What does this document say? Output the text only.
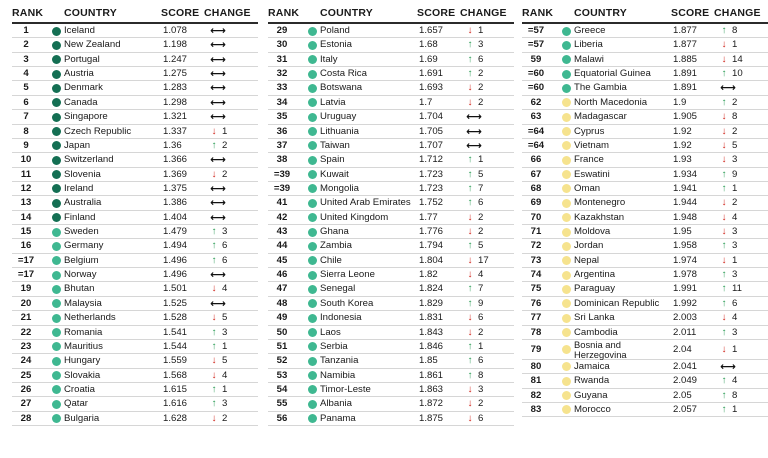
RANK COUNTRY	SCORE CHANGE
1	Iceland	1.078 ⟷
2	New Zealand	1.198 ⟷
3	Portugal	1.247 ⟷
4	Austria	1.275 ⟷
5	Denmark	1.283 ⟷
6	Canada	1.298 ⟷
7	Singapore	1.321 ⟷
8	Czech Republic	1.337	↓ 1
9	Japan	1.36	↑ 2
10	Switzerland	1.366 ⟷
11	Slovenia	1.369	↓ 2
12	Ireland	1.375 ⟷
13	Australia	1.386 ⟷
14	Finland	1.404 ⟷
15	Sweden	1.479	↑ 3
16	Germany	1.494	↑ 6
=17	Belgium	1.496	↑ 6
=17	Norway	1.496 ⟷
19	Bhutan	1.501	↓ 4
20	Malaysia	1.525 ⟷
21	Netherlands	1.528	↓ 5
22	Romania	1.541	↑ 3
23	Mauritius	1.544	↑ 1
24	Hungary	1.559	↓ 5
25	Slovakia	1.568	↓ 4
26	Croatia	1.615	↑ 1
27	Qatar	1.616	↑ 3
28	Bulgaria	1.628	↓ 2
RANK COUNTRY	SCORE CHANGE
29	Poland	1.657	↓ 1
30	Estonia	1.68	↑ 3
31	Italy	1.69	↑ 6
32	Costa Rica	1.691	↑ 2
33	Botswana	1.693	↓ 2
34	Latvia	1.7	↓ 2
35	Uruguay	1.704 ⟷
36	Lithuania	1.705 ⟷
37	Taiwan	1.707 ⟷
38	Spain	1.712	↑ 1
=39	Kuwait	1.723	↑ 5
=39	Mongolia	1.723	↑ 7
41	United Arab Emirates 1.752	↑ 6
42	United Kingdom	1.77	↓ 2
43	Ghana	1.776	↓ 2
44	Zambia	1.794	↑ 5
45	Chile	1.804	↓ 17
46	Sierra Leone	1.82	↓ 4
47	Senegal	1.824	↑ 7
48	South Korea	1.829	↑ 9
49	Indonesia	1.831	↓ 6
50	Laos	1.843	↓ 2
51	Serbia	1.846	↑ 1
52	Tanzania	1.85	↑ 6
53	Namibia	1.861	↑ 8
54	Timor-Leste	1.863	↓ 3
55	Albania	1.872	↓ 2
56	Panama	1.875	↓ 6
RANK COUNTRY	SCORE CHANGE
=57	Greece	1.877	↑ 8
=57	Liberia	1.877	↓ 1
59	Malawi	1.885	↓ 14
=60	Equatorial Guinea 1.891	↑ 10
=60	The Gambia	1.891 ⟷
62	North Macedonia	1.9	↑ 2
63	Madagascar	1.905	↓ 8
=64	Cyprus	1.92	↓ 2
=64	Vietnam	1.92	↓ 5
66	France	1.93	↓ 3
67	Eswatini	1.934	↑ 9
68	Oman	1.941	↑ 1
69	Montenegro	1.944	↓ 2
70	Kazakhstan	1.948	↓ 4
71	Moldova	1.95	↓ 3
72	Jordan	1.958	↑ 3
73	Nepal	1.974	↓ 1
74	Argentina	1.978	↑ 3
75	Paraguay	1.991	↑ 11
76	Dominican Republic 1.992	↑ 6
77	Sri Lanka	2.003	↓ 4
78	Cambodia	2.011	↑ 3
79	Bosnia and Herzegovina	2.04	↓ 1
80	Jamaica	2.041 ⟷
81	Rwanda	2.049	↑ 4
82	Guyana	2.05	↑ 8
83	Morocco	2.057	↑ 1
